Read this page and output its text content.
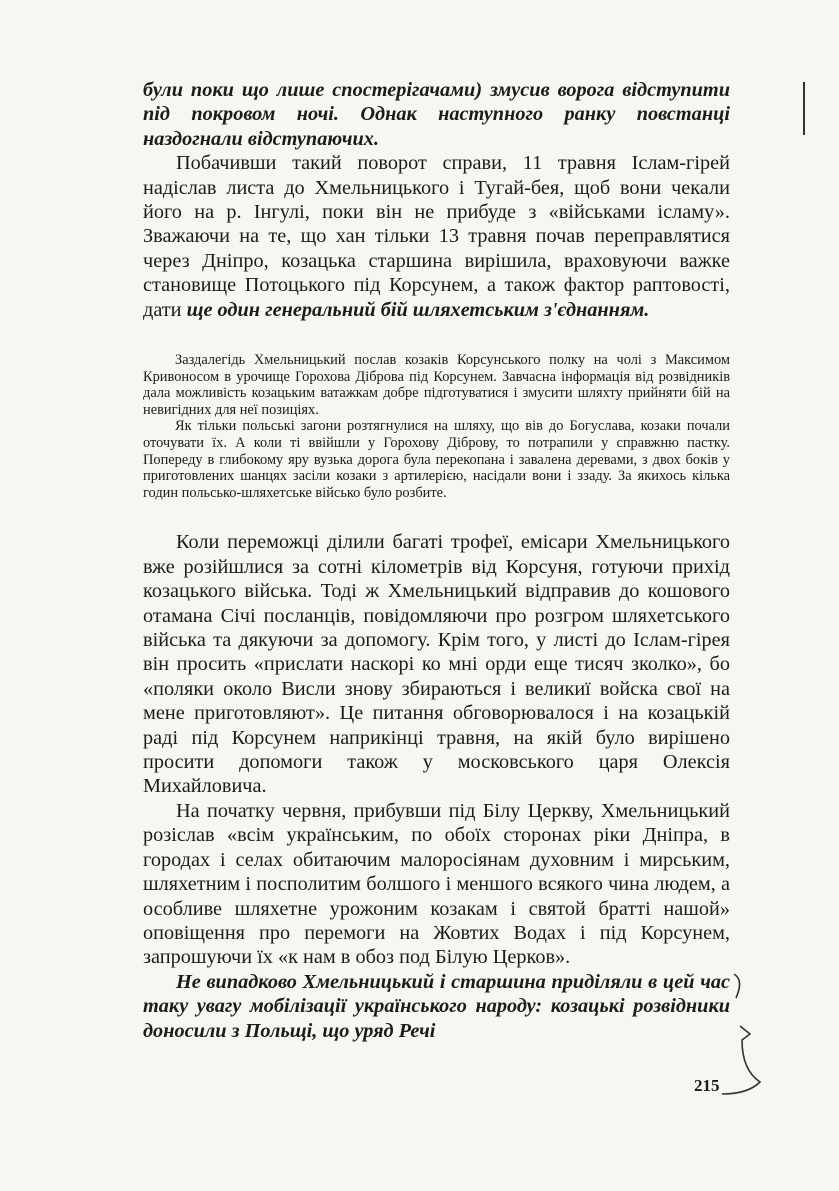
були поки що лише спостерігачами) змусив ворога відступити під покровом ночі. Однак наступного ранку повстанці наздогнали відступаючих.

Побачивши такий поворот справи, 11 травня Іслам-гірей надіслав листа до Хмельницького і Тугай-бея, щоб вони чекали його на р. Інгулі, поки він не прибуде з «військами ісламу». Зважаючи на те, що хан тільки 13 травня почав переправлятися через Дніпро, козацька старшина вирішила, враховуючи важке становище Потоцького під Корсунем, а також фактор раптовості, дати ще один генеральний бій шляхетським з'єднанням.

Заздалегідь Хмельницький послав козаків Корсунського полку на чолі з Максимом Кривоносом в урочище Горохова Діброва під Корсунем. Завчасна інформація від розвідників дала можливість козацьким ватажкам добре підготуватися і змусити шляхту прийняти бій на невигідних для неї позиціях.

Як тільки польські загони розтягнулися на шляху, що вів до Богуслава, козаки почали оточувати їх. А коли ті ввійшли у Горохову Діброву, то потрапили у справжню пастку. Попереду в глибокому яру вузька дорога була перекопана і завалена деревами, з двох боків у приготовлених шанцях засіли козаки з артилерією, насідали вони і ззаду. За якихось кілька годин польсько-шляхетське військо було розбите.

Коли переможці ділили багаті трофеї, емісари Хмельницького вже розійшлися за сотні кілометрів від Корсуня, готуючи прихід козацького війська. Тоді ж Хмельницький відправив до кошового отамана Січі посланців, повідомляючи про розгром шляхетського війська та дякуючи за допомогу. Крім того, у листі до Іслам-гірея він просить «прислати наскорі ко мні орди еще тисяч зколко», бо «поляки около Висли знову збираються і великиї войска свої на мене приготовляют». Це питання обговорювалося і на козацькій раді під Корсунем наприкінці травня, на якій було вирішено просити допомоги також у московського царя Олексія Михайловича.

На початку червня, прибувши під Білу Церкву, Хмельницький розіслав «всім українським, по обоїх сторонах ріки Дніпра, в городах і селах обитаючим малоросіянам духовним і мирським, шляхетним і посполитим болшого і меншого всякого чина людем, а особливе шляхетне урожоним козакам і святой братті нашой» оповіщення про перемоги на Жовтих Водах і під Корсунем, запрошуючи їх «к нам в обоз под Білую Церков».

Не випадково Хмельницький і старшина приділяли в цей час таку увагу мобілізації українського народу: козацькі розвідники доносили з Польщі, що уряд Речі

215
